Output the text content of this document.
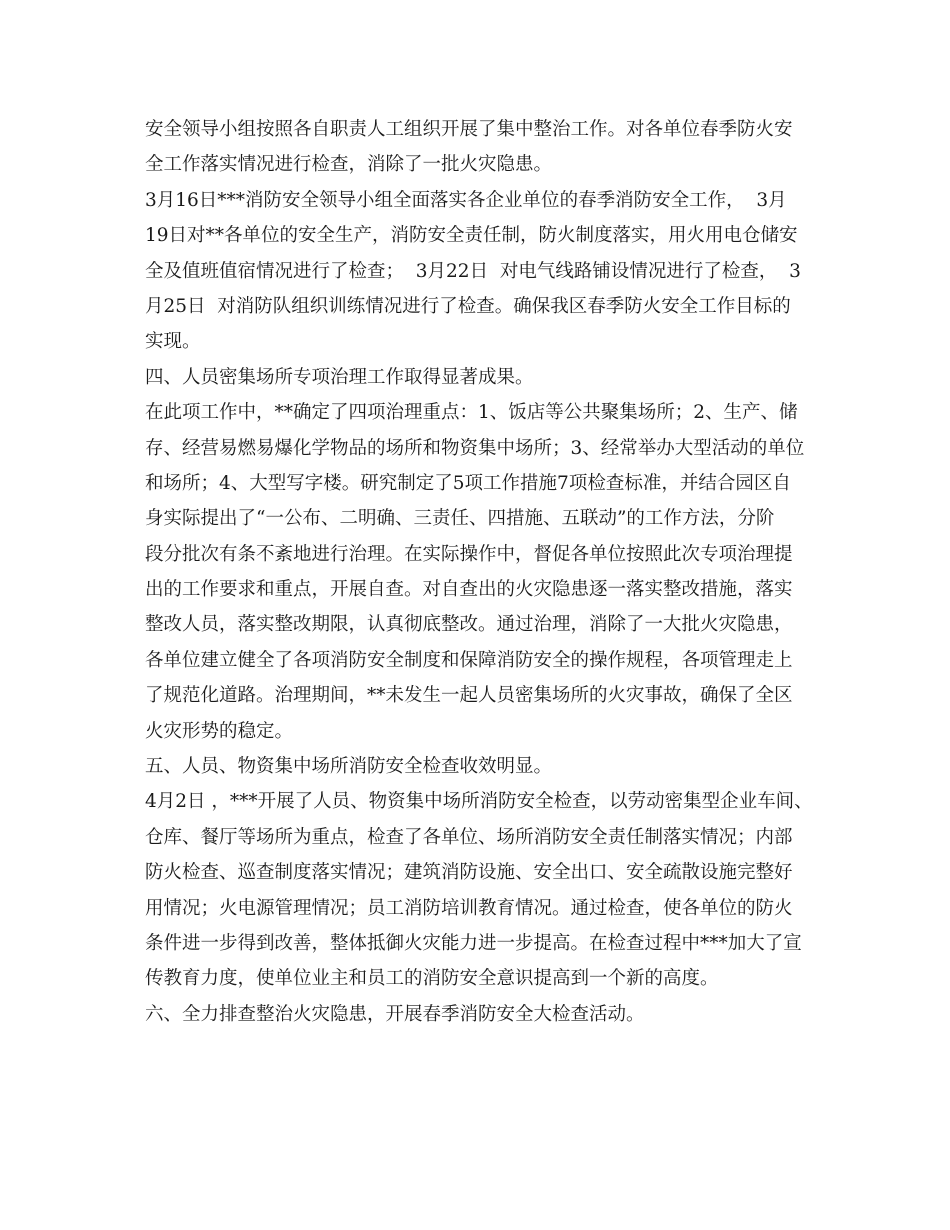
安全领导小组按照各自职责人工组织开展了集中整治工作。对各单位春季防火安
全工作落实情况进行检查，消除了一批火灾隐患。
3月16日***消防安全领导小组全面落实各企业单位的春季消防安全工作，  3月
19日对**各单位的安全生产，消防安全责任制，防火制度落实，用火用电仓储安
全及值班值宿情况进行了检查；  3月22日  对电气线路铺设情况进行了检查，  3
月25日  对消防队组织训练情况进行了检查。确保我区春季防火安全工作目标的
实现。
四、人员密集场所专项治理工作取得显著成果。
在此项工作中，**确定了四项治理重点：1、饭店等公共聚集场所；2、生产、储
存、经营易燃易爆化学物品的场所和物资集中场所；3、经常举办大型活动的单位
和场所；4、大型写字楼。研究制定了5项工作措施7项检查标准，并结合园区自
身实际提出了“一公布、二明确、三责任、四措施、五联动”的工作方法，分阶
段分批次有条不紊地进行治理。在实际操作中，督促各单位按照此次专项治理提
出的工作要求和重点，开展自查。对自查出的火灾隐患逐一落实整改措施，落实
整改人员，落实整改期限，认真彻底整改。通过治理，消除了一大批火灾隐患，
各单位建立健全了各项消防安全制度和保障消防安全的操作规程，各项管理走上
了规范化道路。治理期间，**未发生一起人员密集场所的火灾事故，确保了全区
火灾形势的稳定。
五、人员、物资集中场所消防安全检查收效明显。
4月2日 ，***开展了人员、物资集中场所消防安全检查，以劳动密集型企业车间、
仓库、餐厅等场所为重点，检查了各单位、场所消防安全责任制落实情况；内部
防火检查、巡查制度落实情况；建筑消防设施、安全出口、安全疏散设施完整好
用情况；火电源管理情况；员工消防培训教育情况。通过检查，使各单位的防火
条件进一步得到改善，整体抵御火灾能力进一步提高。在检查过程中***加大了宣
传教育力度，使单位业主和员工的消防安全意识提高到一个新的高度。
六、全力排查整治火灾隐患，开展春季消防安全大检查活动。
